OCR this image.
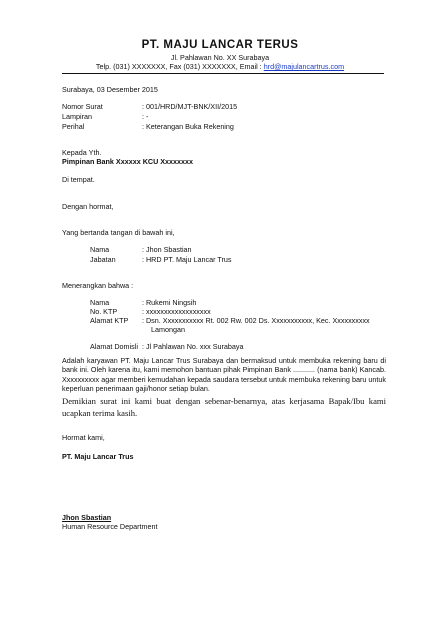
PT. MAJU LANCAR TERUS
Jl. Pahlawan No. XX Surabaya
Telp. (031) XXXXXXX, Fax (031) XXXXXXX, Email : hrd@majulancartrus.com
Surabaya, 03 Desember 2015
Nomor Surat	: 001/HRD/MJT-BNK/XII/2015
Lampiran	: -
Perihal	: Keterangan Buka Rekening
Kepada Yth.
Pimpinan Bank Xxxxxx KCU Xxxxxxxx
Di tempat.
Dengan hormat,
Yang bertanda tangan di bawah ini,
Nama	: Jhon Sbastian
Jabatan	: HRD PT. Maju Lancar Trus
Menerangkan bahwa :
Nama	: Rukemi Ningsih
No. KTP	: xxxxxxxxxxxxxxxxxx
Alamat KTP : Dsn. Xxxxxxxxxxx Rt. 002 Rw. 002 Ds. Xxxxxxxxxxx, Kec. Xxxxxxxxxx
Lamongan
Alamat Domisli : Jl Pahlawan No. xxx Surabaya
Adalah karyawan PT. Maju Lancar Trus Surabaya dan bermaksud untuk membuka rekening baru di bank ini. Oleh karena itu, kami memohon bantuan pihak Pimpinan Bank ........... (nama bank) Kancab. Xxxxxxxxxx agar memberi kemudahan kepada saudara tersebut untuk membuka rekening baru untuk keperluan penerimaan gaji/honor setiap bulan.
Demikian surat ini kami buat dengan sebenar-benarnya, atas kerjasama Bapak/Ibu kami ucapkan terima kasih.
Hormat kami,
PT. Maju Lancar Trus
Jhon Sbastian
Human Resource Department
